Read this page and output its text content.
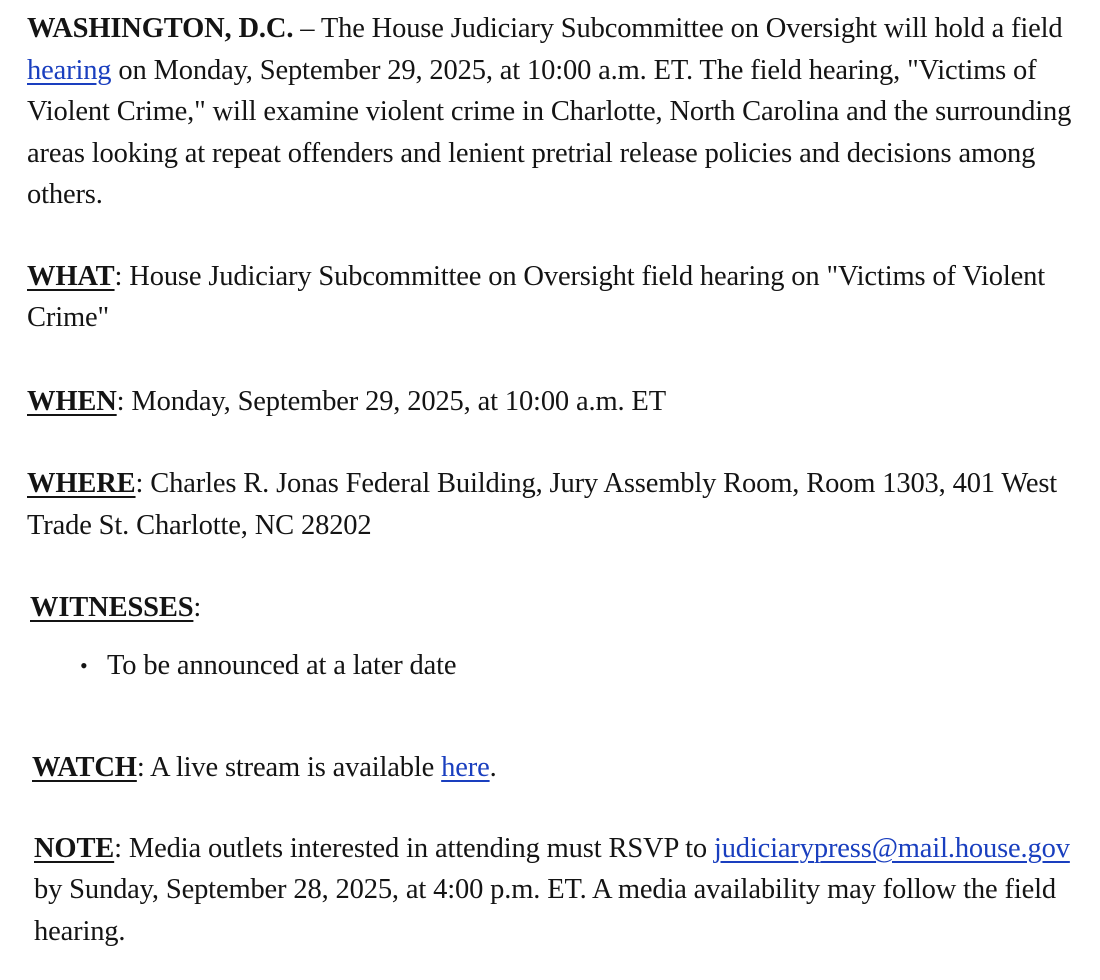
WASHINGTON, D.C. – The House Judiciary Subcommittee on Oversight will hold a field hearing on Monday, September 29, 2025, at 10:00 a.m. ET. The field hearing, "Victims of Violent Crime," will examine violent crime in Charlotte, North Carolina and the surrounding areas looking at repeat offenders and lenient pretrial release policies and decisions among others.

WHAT: House Judiciary Subcommittee on Oversight field hearing on "Victims of Violent Crime"

WHEN: Monday, September 29, 2025, at 10:00 a.m. ET

WHERE: Charles R. Jonas Federal Building, Jury Assembly Room, Room 1303, 401 West Trade St. Charlotte, NC 28202

WITNESSES:

• To be announced at a later date

WATCH: A live stream is available here.

NOTE: Media outlets interested in attending must RSVP to judiciarypress@mail.house.gov by Sunday, September 28, 2025, at 4:00 p.m. ET. A media availability may follow the field hearing.
